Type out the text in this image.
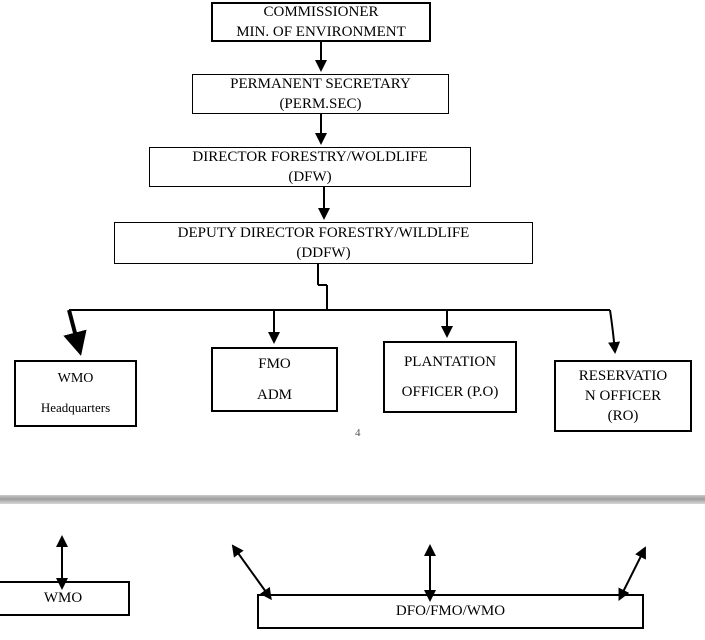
COMMISSIONER
MIN. OF ENVIRONMENT
PERMANENT SECRETARY
(PERM.SEC)
DIRECTOR FORESTRY/WOLDLIFE
(DFW)
DEPUTY DIRECTOR FORESTRY/WILDLIFE
(DDFW)
WMO
Headquarters
FMO
ADM
PLANTATION
OFFICER (P.O)
RESERVATIO
N OFFICER
(RO)
4
WMO
DFO/FMO/WMO
